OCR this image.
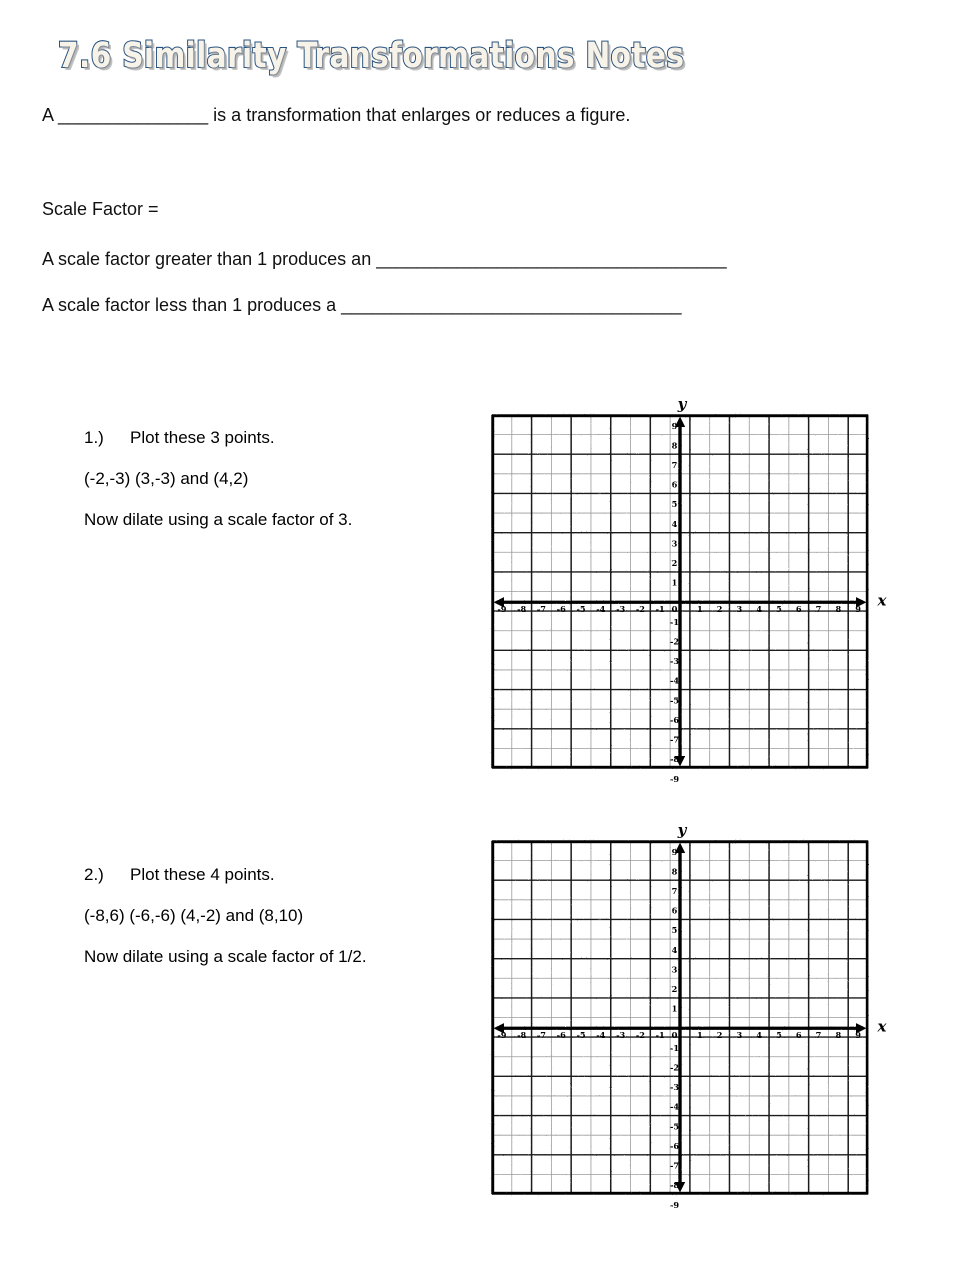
7.6 Similarity Transformations Notes
A _______________ is a transformation that enlarges or reduces a figure.
Scale Factor =
A scale factor greater than 1 produces an ___________________________________
A scale factor less than 1 produces a __________________________________
1.) Plot these 3 points.
(-2,-3) (3,-3) and (4,2)
Now dilate using a scale factor of 3.
2.) Plot these 4 points.
(-8,6) (-6,-6) (4,-2) and (8,10)
Now dilate using a scale factor of 1/2.
-9 -8 -7 -6 -5 -4 -3 -2 -1	1 2 3 4 5 6 7 8 9
-9
-8
-7
-6
-5
-4
-3
-2
-1
1
2
3
4
5
6
7
8
9
0
y
x
-9 -8 -7 -6 -5 -4 -3 -2 -1	1 2 3 4 5 6 7 8 9
-9
-8
-7
-6
-5
-4
-3
-2
-1
1
2
3
4
5
6
7
8
9
0
y
x
